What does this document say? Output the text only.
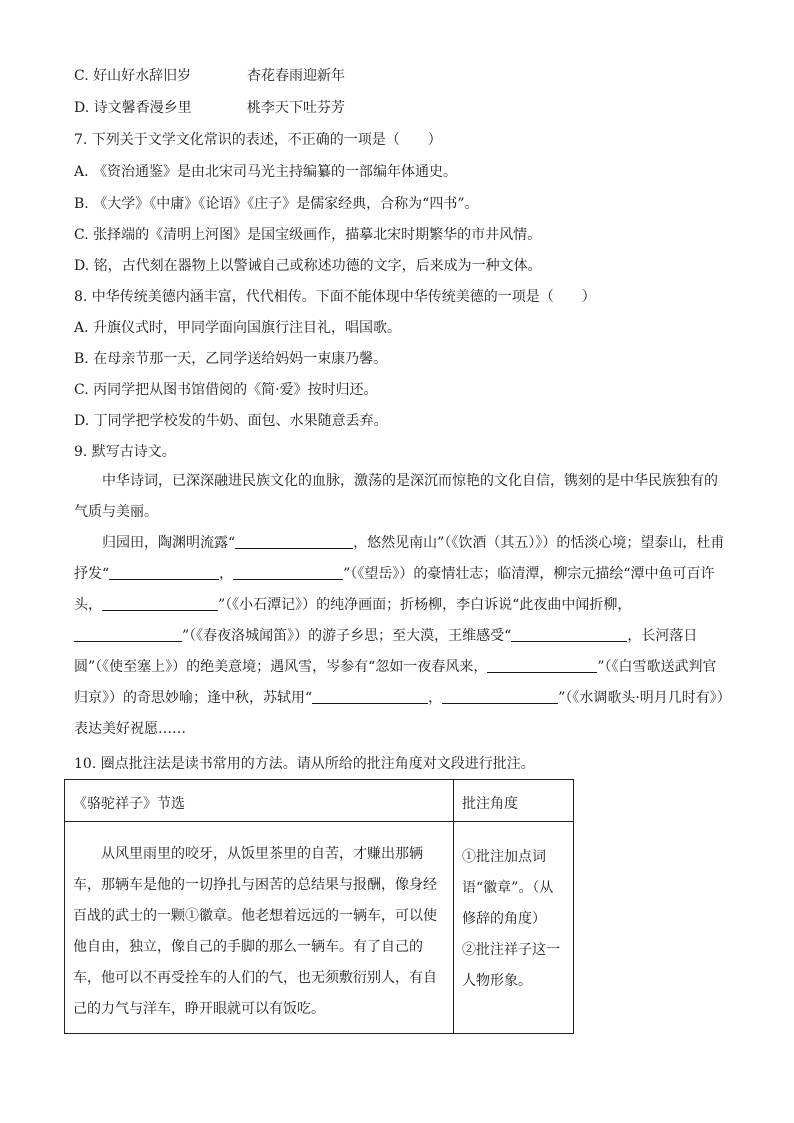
C. 好山好水辞旧岁	杏花春雨迎新年
D. 诗文馨香漫乡里	桃李天下吐芬芳
7. 下列关于文学文化常识的表述，不正确的一项是（　　）
A. 《资治通鉴》是由北宋司马光主持编纂的一部编年体通史。
B. 《大学》《中庸》《论语》《庄子》是儒家经典，合称为“四书”。
C. 张择端的《清明上河图》是国宝级画作，描摹北宋时期繁华的市井风情。
D. 铭，古代刻在器物上以警诫自己或称述功德的文字，后来成为一种文体。
8. 中华传统美德内涵丰富，代代相传。下面不能体现中华传统美德的一项是（　　）
A. 升旗仪式时，甲同学面向国旗行注目礼，唱国歌。
B. 在母亲节那一天，乙同学送给妈妈一束康乃馨。
C. 丙同学把从图书馆借阅的《简·爱》按时归还。
D. 丁同学把学校发的牛奶、面包、水果随意丢弃。
9. 默写古诗文。
中华诗词，已深深融进民族文化的血脉，激荡的是深沉而惊艳的文化自信，镌刻的是中华民族独有的气质与美丽。
归园田，陶渊明流露“	，悠然见南山”（《饮酒（其五）》）的恬淡心境；望泰山，杜甫抒发“	，	”（《望岳》）的豪情壮志；临清潭，柳宗元描绘“潭中鱼可百许头，	”（《小石潭记》）的纯净画面；折杨柳，李白诉说“此夜曲中闻折柳，”（《春夜洛城闻笛》）的游子乡思；至大漠，王维感受“	，长河落日圆”（《使至塞上》）的绝美意境；遇风雪，岑参有“忽如一夜春风来，	”（《白雪歌送武判官归京》）的奇思妙喻；逢中秋，苏轼用“	，	”（《水调歌头·明月几时有》）表达美好祝愿……
10. 圈点批注法是读书常用的方法。请从所给的批注角度对文段进行批注。
《骆驼祥子》节选	批注角度
从风里雨里的咬牙，从饭里茶里的自苦，才赚出那辆车，那辆车是他的一切挣扎与困苦的总结果与报酬，像身经百战的武士的一颗①徽章。他老想着远远的一辆车，可以使他自由，独立，像自己的手脚的那么一辆车。有了自己的车，他可以不再受拴车的人们的气，也无须敷衍别人，有自己的力气与洋车，睁开眼就可以有饭吃。	①批注加点词语“徽章”。（从修辞的角度）
②批注祥子这一人物形象。
